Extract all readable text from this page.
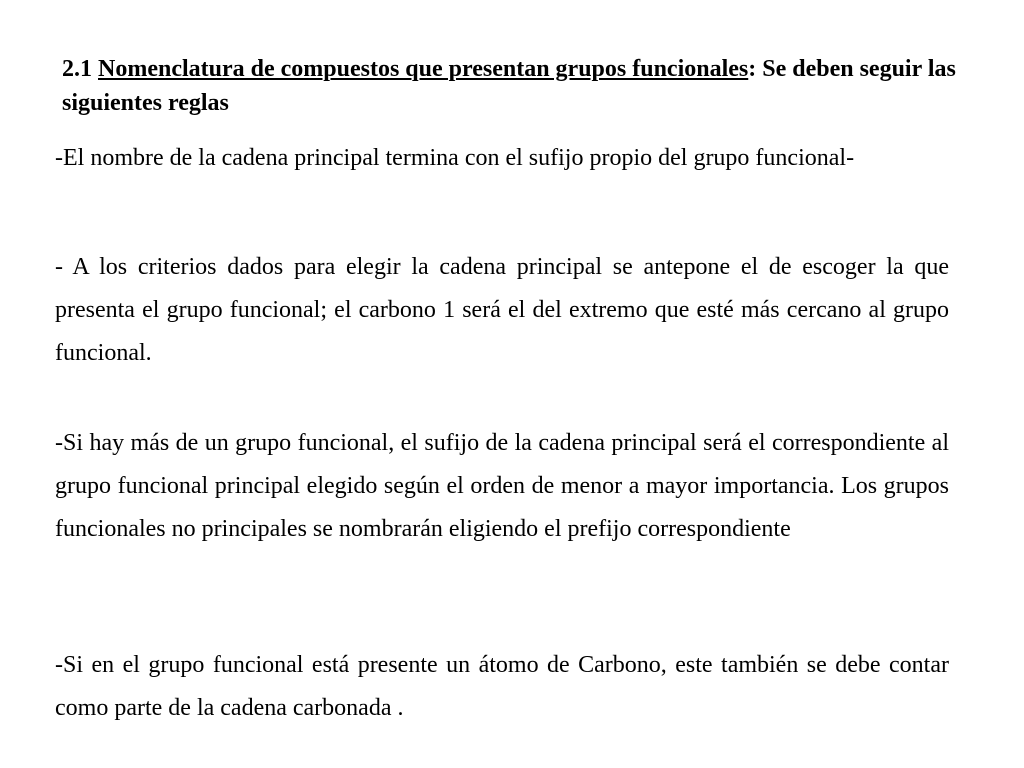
2.1 Nomenclatura de compuestos que presentan grupos funcionales: Se deben seguir las siguientes reglas

-El nombre de la cadena principal termina con el sufijo propio del grupo funcional-

- A los criterios dados para elegir la cadena principal se antepone el de escoger la que presenta el grupo funcional; el carbono 1 será el del extremo que esté más cercano al grupo funcional.

-Si hay más de un grupo funcional, el sufijo de la cadena principal será el correspondiente al grupo funcional principal elegido según el orden de menor a mayor importancia. Los grupos funcionales no principales se nombrarán eligiendo el prefijo correspondiente

-Si en el grupo funcional está presente un átomo de Carbono, este también se debe contar como parte de la cadena carbonada .
